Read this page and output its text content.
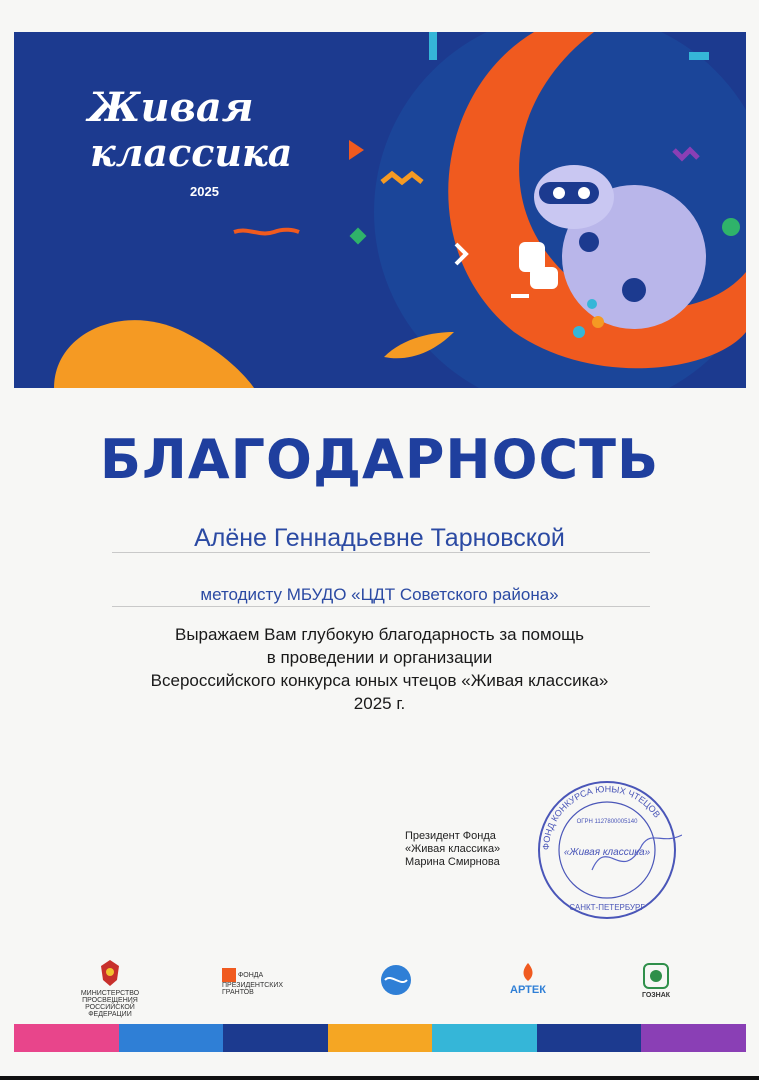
Живая
классика
2025
БЛАГОДАРНОСТЬ
Алёне Геннадьевне Тарновской
методисту МБУДО «ЦДТ Советского района»
Выражаем Вам глубокую благодарность за помощь
в проведении и организации
Всероссийского конкурса юных чтецов «Живая классика»
2025 г.
Президент Фонда
«Живая классика»
Марина Смирнова
ФОНД КОНКУРСА ЮНЫХ ЧТЕЦОВ
ОГРН 1127800005140
«Живая классика»
САНКТ-ПЕТЕРБУРГ
МИНИСТЕРСТВО ПРОСВЕЩЕНИЯ РОССИЙСКОЙ ФЕДЕРАЦИИ
ФОНДА ПРЕЗИДЕНТСКИХ ГРАНТОВ	АРТЕК	ГОЗНАК
